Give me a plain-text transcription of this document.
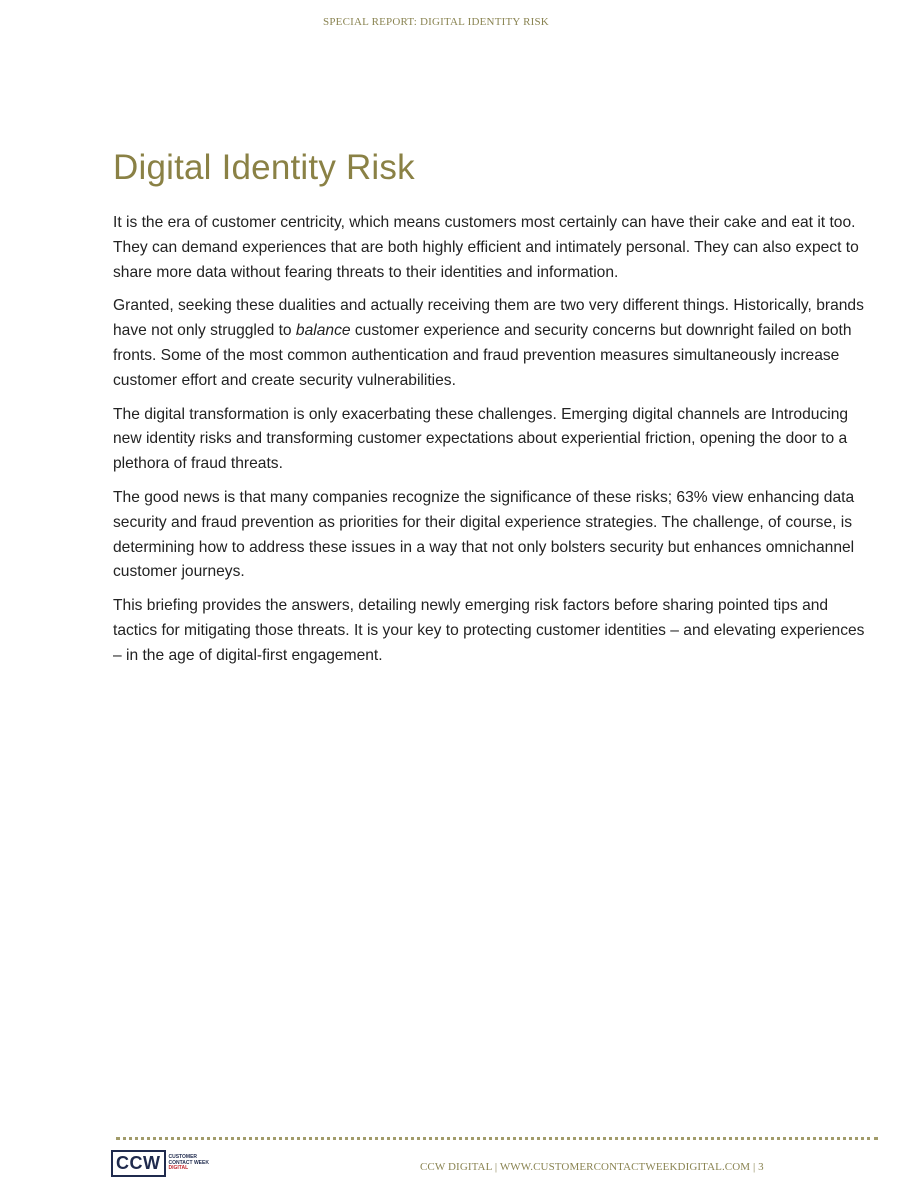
SPECIAL REPORT: DIGITAL IDENTITY RISK
Digital Identity Risk

It is the era of customer centricity, which means customers most certainly can have their cake and eat it too. They can demand experiences that are both highly efficient and intimately personal. They can also expect to share more data without fearing threats to their identities and information.

Granted, seeking these dualities and actually receiving them are two very different things. Historically, brands have not only struggled to balance customer experience and security concerns but downright failed on both fronts. Some of the most common authentication and fraud prevention measures simultaneously increase customer effort and create security vulnerabilities.

The digital transformation is only exacerbating these challenges. Emerging digital channels are Introducing new identity risks and transforming customer expectations about experiential friction, opening the door to a plethora of fraud threats.

The good news is that many companies recognize the significance of these risks; 63% view enhancing data security and fraud prevention as priorities for their digital experience strategies. The challenge, of course, is determining how to address these issues in a way that not only bolsters security but enhances omnichannel customer journeys.

This briefing provides the answers, detailing newly emerging risk factors before sharing pointed tips and tactics for mitigating those threats. It is your key to protecting customer identities – and elevating experiences – in the age of digital-first engagement.

CCW	CUSTOMER
CONTACT WEEK
DIGITAL	CCW DIGITAL | WWW.CUSTOMERCONTACTWEEKDIGITAL.COM | 3
